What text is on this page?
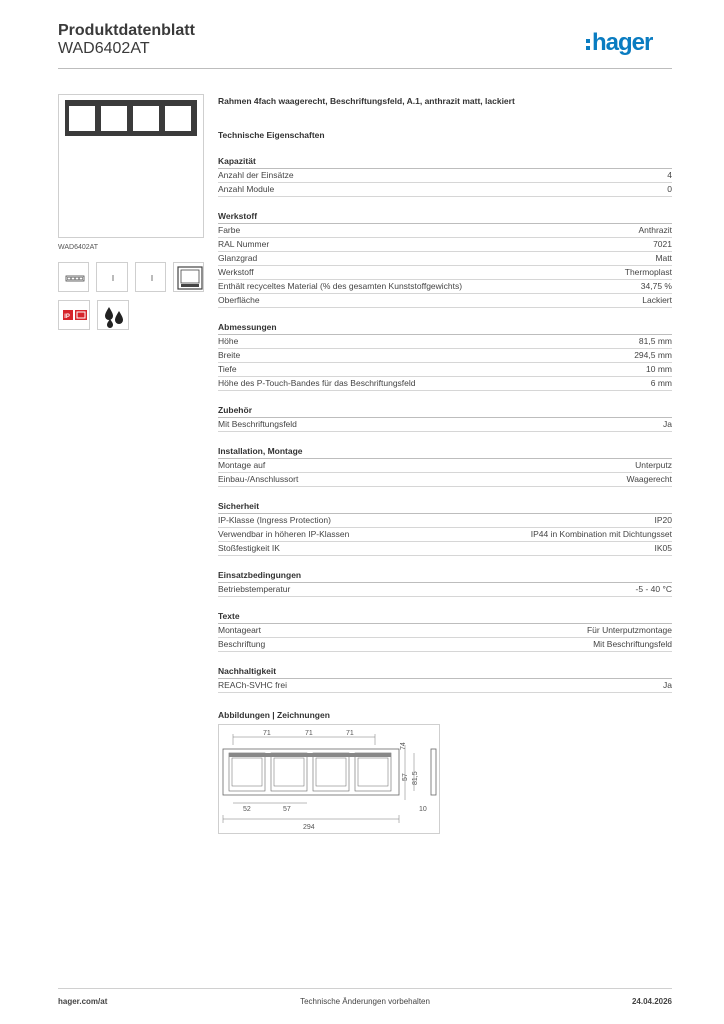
Produktdatenblatt
WAD6402AT	hager
WAD6402AT
IP
Rahmen 4fach waagerecht, Beschriftungsfeld, A.1, anthrazit matt, lackiert
Technische Eigenschaften
Kapazität
Anzahl der Einsätze	4
Anzahl Module	0
Werkstoff
Farbe	Anthrazit
RAL Nummer	7021
Glanzgrad	Matt
Werkstoff	Thermoplast
Enthält recyceltes Material (% des gesamten Kunststoffgewichts)	34,75 %
Oberfläche	Lackiert
Abmessungen
Höhe	81,5 mm
Breite	294,5 mm
Tiefe	10 mm
Höhe des P-Touch-Bandes für das Beschriftungsfeld	6 mm
Zubehör
Mit Beschriftungsfeld	Ja
Installation, Montage
Montage auf	Unterputz
Einbau-/Anschlussort	Waagerecht
Sicherheit
IP-Klasse (Ingress Protection)	IP20
Verwendbar in höheren IP-Klassen	IP44 in Kombination mit Dichtungsset
Stoßfestigkeit IK	IK05
Einsatzbedingungen
Betriebstemperatur	-5 - 40 °C
Texte
Montageart	Für Unterputzmontage
Beschriftung	Mit Beschriftungsfeld
Nachhaltigkeit
REACh-SVHC frei	Ja
Abbildungen | Zeichnungen
71	71	71
74
57 81,5
52	57	10
294
hager.com/at	Technische Änderungen vorbehalten	24.04.2026
